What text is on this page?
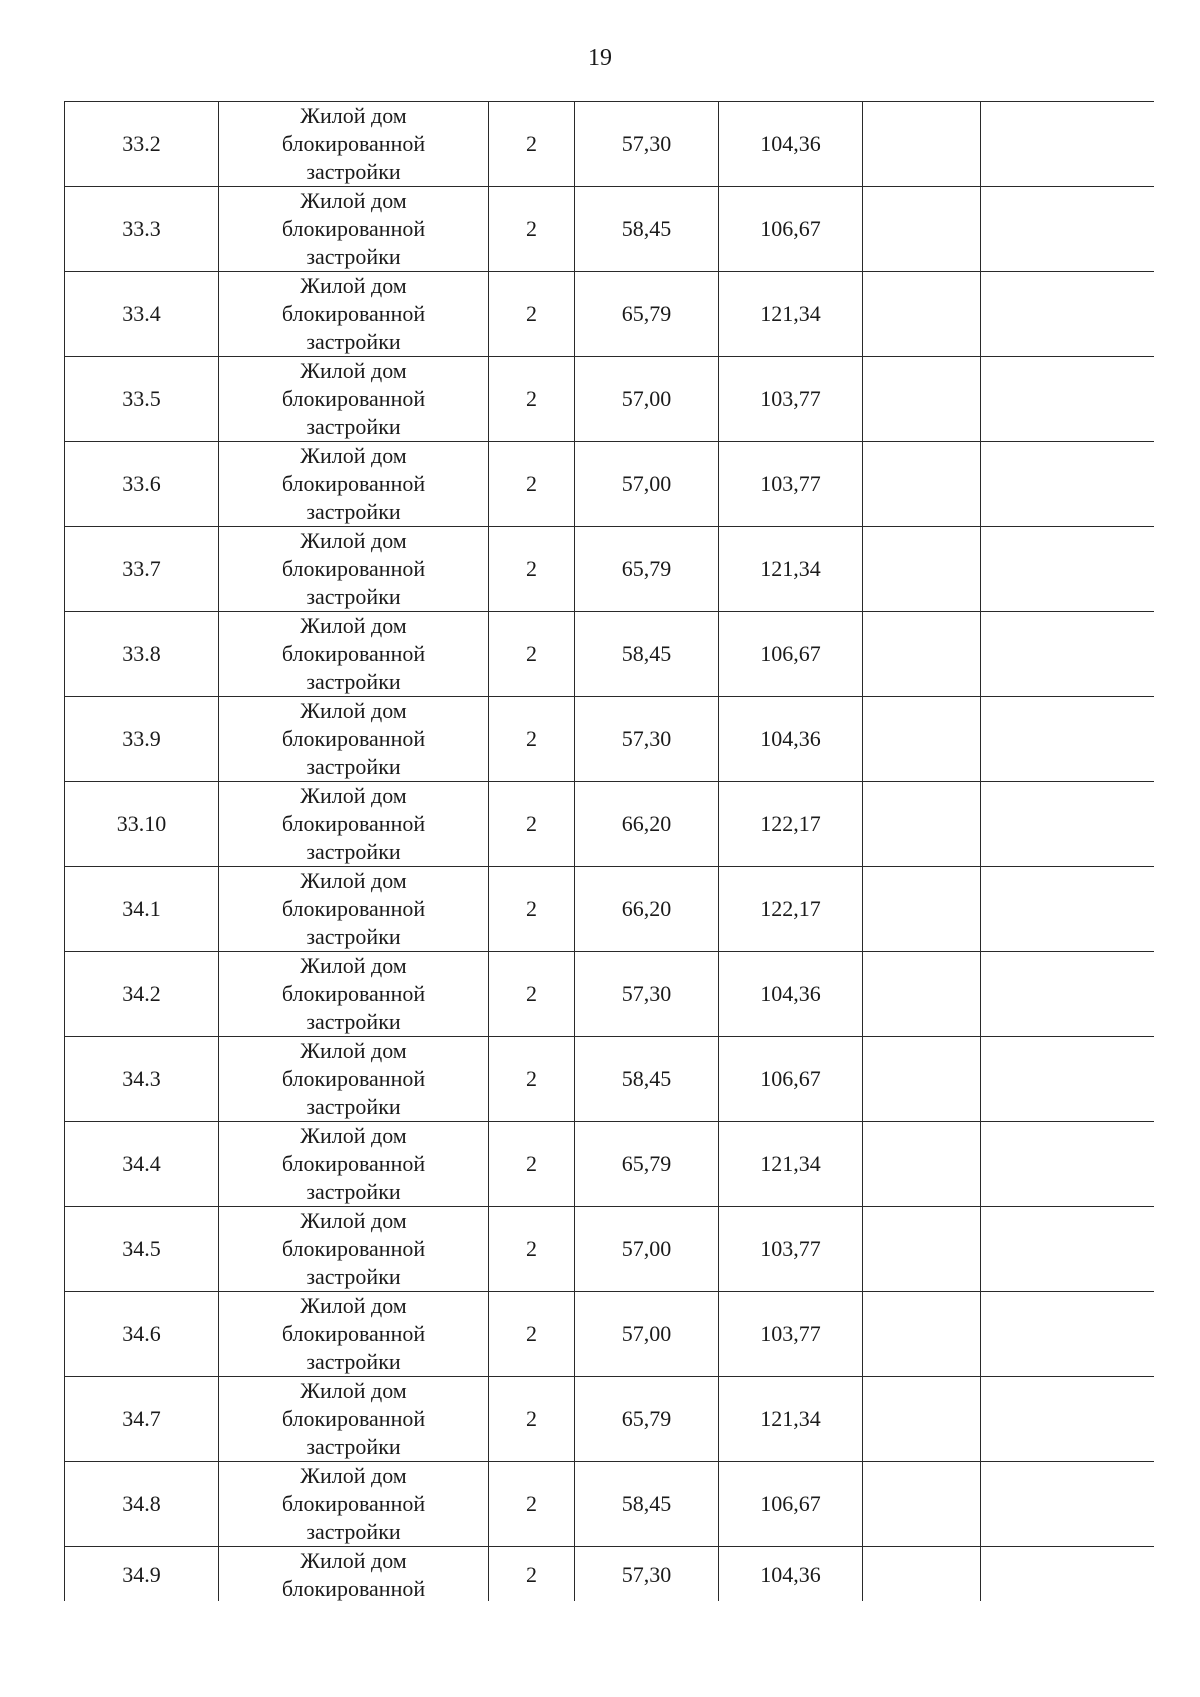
19
33.2	Жилой дом
блокированной
застройки	2	57,30	104,36		
33.3	Жилой дом
блокированной
застройки	2	58,45	106,67		
33.4	Жилой дом
блокированной
застройки	2	65,79	121,34		
33.5	Жилой дом
блокированной
застройки	2	57,00	103,77		
33.6	Жилой дом
блокированной
застройки	2	57,00	103,77		
33.7	Жилой дом
блокированной
застройки	2	65,79	121,34		
33.8	Жилой дом
блокированной
застройки	2	58,45	106,67		
33.9	Жилой дом
блокированной
застройки	2	57,30	104,36		
33.10	Жилой дом
блокированной
застройки	2	66,20	122,17		
34.1	Жилой дом
блокированной
застройки	2	66,20	122,17		
34.2	Жилой дом
блокированной
застройки	2	57,30	104,36		
34.3	Жилой дом
блокированной
застройки	2	58,45	106,67		
34.4	Жилой дом
блокированной
застройки	2	65,79	121,34		
34.5	Жилой дом
блокированной
застройки	2	57,00	103,77		
34.6	Жилой дом
блокированной
застройки	2	57,00	103,77		
34.7	Жилой дом
блокированной
застройки	2	65,79	121,34		
34.8	Жилой дом
блокированной
застройки	2	58,45	106,67		
34.9	Жилой дом
блокированной	2	57,30	104,36		
